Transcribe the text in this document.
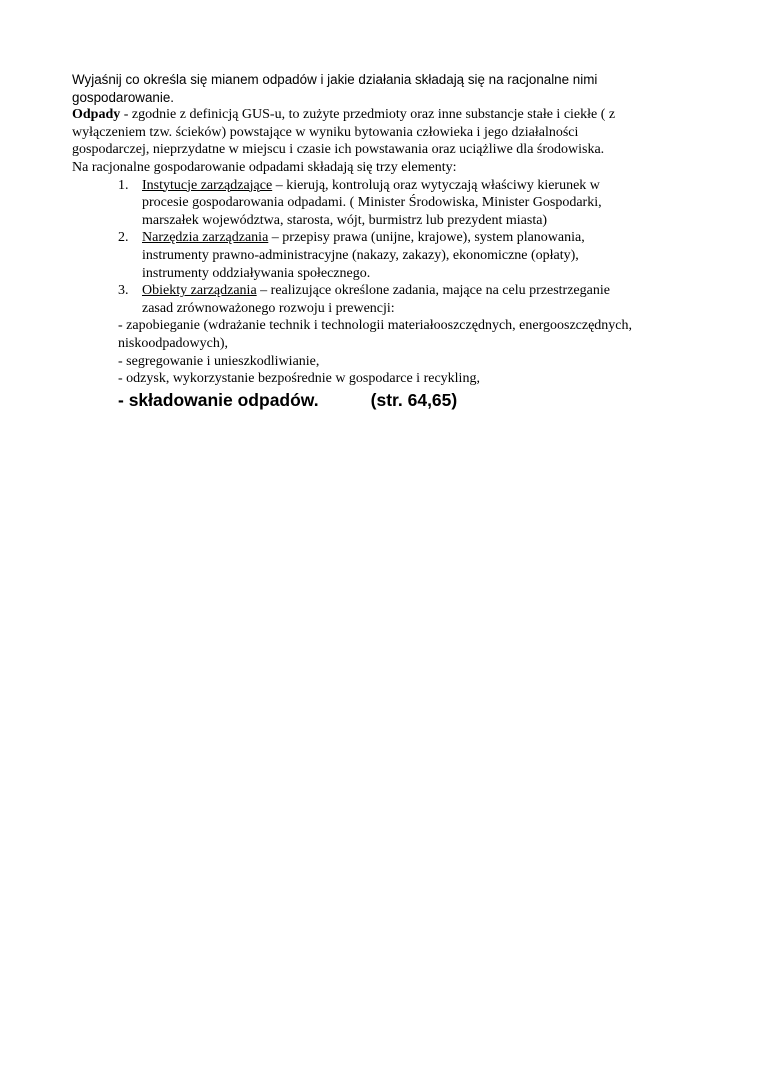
Wyjaśnij co określa się mianem odpadów i jakie działania składają się na racjonalne nimi
gospodarowanie.
Odpady - zgodnie z definicją GUS-u, to zużyte przedmioty oraz inne substancje stałe i ciekłe ( z
wyłączeniem tzw. ścieków) powstające w wyniku bytowania człowieka i jego działalności
gospodarczej, nieprzydatne w miejscu i czasie ich powstawania oraz uciążliwe dla środowiska.
Na racjonalne gospodarowanie odpadami składają się trzy elementy:
1. Instytucje zarządzające – kierują, kontrolują oraz wytyczają właściwy kierunek w
procesie gospodarowania odpadami. ( Minister Środowiska, Minister Gospodarki,
marszałek województwa, starosta, wójt, burmistrz lub prezydent miasta)
2. Narzędzia zarządzania – przepisy prawa (unijne, krajowe), system planowania,
instrumenty prawno-administracyjne (nakazy, zakazy), ekonomiczne (opłaty),
instrumenty oddziaływania społecznego.
3. Obiekty zarządzania – realizujące określone zadania, mające na celu przestrzeganie
zasad zrównoważonego rozwoju i prewencji:
- zapobieganie (wdrażanie technik i technologii materiałooszczędnych, energooszczędnych,
niskoodpadowych),
- segregowanie i unieszkodliwianie,
- odzysk, wykorzystanie bezpośrednie w gospodarce i recykling,
- składowanie odpadów.	(str. 64,65)
